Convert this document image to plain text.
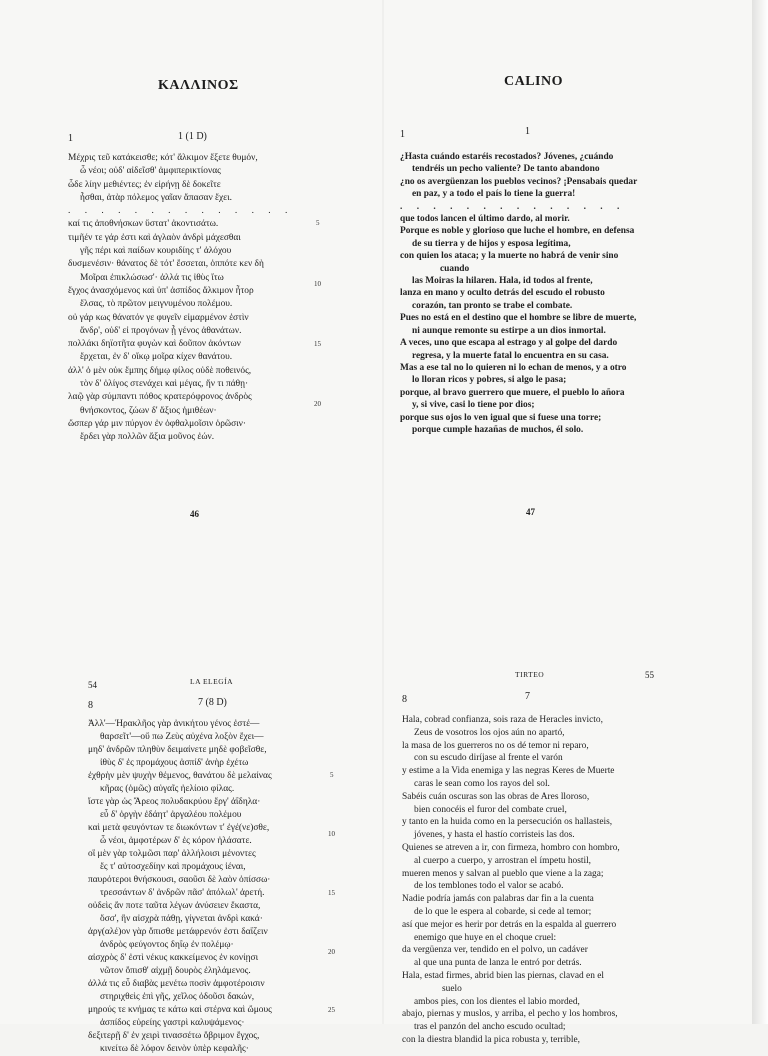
ΚΑΛΛΙΝΟΣ
1	1 (1 D)
Μέχρις τεῦ κατάκεισθε; κότ' ἄλκιμον ἕξετε θυμόν,
ὦ νέοι; οὐδ' αἰδεῖσθ' ἀμφιπερικτίονας
ὧδε λίην μεθιέντες; ἐν εἰρήνῃ δὲ δοκεῖτε
ἧσθαι, ἀτὰρ πόλεμος γαῖαν ἅπασαν ἔχει.
. . . . . . . . . . . . . .
καί τις ἀποθνήσκων ὕστατ' ἀκοντισάτω.
τιμῆέν τε γάρ ἐστι καὶ ἀγλαὸν ἀνδρὶ μάχεσθαι
γῆς πέρι καὶ παίδων κουριδίης τ' ἀλόχου
δυσμενέσιν· θάνατος δὲ τότ' ἔσσεται, ὁππότε κεν δὴ
Μοῖραι ἐπικλώσωσ'· ἀλλά τις ἰθὺς ἴτω
ἔγχος ἀνασχόμενος καὶ ὑπ' ἀσπίδος ἄλκιμον ἦτορ
ἔλσας, τὸ πρῶτον μειγνυμένου πολέμου.
οὐ γάρ κως θάνατόν γε φυγεῖν εἱμαρμένον ἐστὶν
ἄνδρ', οὐδ' εἰ προγόνων ᾖ γένος ἀθανάτων.
πολλάκι δηϊοτῆτα φυγὼν καὶ δοῦπον ἀκόντων
ἔρχεται, ἐν δ' οἴκῳ μοῖρα κίχεν θανάτου.
ἀλλ' ὁ μὲν οὐκ ἔμπης δήμῳ φίλος οὐδὲ ποθεινός,
τὸν δ' ὀλίγος στενάχει καὶ μέγας, ἤν τι πάθῃ·
λαῷ γὰρ σύμπαντι πόθος κρατερόφρονος ἀνδρὸς
θνήσκοντος, ζώων δ' ἄξιος ἡμιθέων·
ὥσπερ γάρ μιν πύργον ἐν ὀφθαλμοῖσιν ὁρῶσιν·
ἔρδει γὰρ πολλῶν ἄξια μοῦνος ἐών.
5
10
15
20
46
CALINO
1	1
¿Hasta cuándo estaréis recostados? Jóvenes, ¿cuándo
tendréis un pecho valiente? De tanto abandono
¿no os avergüenzan los pueblos vecinos? ¡Pensabais quedar
en paz, y a todo el país lo tiene la guerra!
. . . . . . . . . . . . . .
que todos lancen el último dardo, al morir.
Porque es noble y glorioso que luche el hombre, en defensa
de su tierra y de hijos y esposa legítima,
con quien los ataca; y la muerte no habrá de venir sino
cuando
las Moiras la hilaren. Hala, id todos al frente,
lanza en mano y oculto detrás del escudo el robusto
corazón, tan pronto se trabe el combate.
Pues no está en el destino que el hombre se libre de muerte,
ni aunque remonte su estirpe a un dios inmortal.
A veces, uno que escapa al estrago y al golpe del dardo
regresa, y la muerte fatal lo encuentra en su casa.
Mas a ese tal no lo quieren ni lo echan de menos, y a otro
lo lloran ricos y pobres, si algo le pasa;
porque, al bravo guerrero que muere, el pueblo lo añora
y, si vive, casi lo tiene por dios;
porque sus ojos lo ven igual que si fuese una torre;
porque cumple hazañas de muchos, él solo.
47
54	LA ELEGÍA
8	7 (8 D)
Ἀλλ'—Ἡρακλῆος γὰρ ἀνικήτου γένος ἐστέ—
θαρσεῖτ'—οὔ πω Ζεὺς αὐχένα λοξὸν ἔχει—
μηδ' ἀνδρῶν πληθὺν δειμαίνετε μηδὲ φοβεῖσθε,
ἰθὺς δ' ἐς προμάχους ἀσπίδ' ἀνὴρ ἐχέτω
ἐχθρὴν μὲν ψυχὴν θέμενος, θανάτου δὲ μελαίνας
κῆρας (ὁμῶς) αὐγαῖς ἠελίοιο φίλας.
ἴστε γὰρ ὡς Ἄρεος πολυδακρύου ἔργ' ἀΐδηλα·
εὖ δ' ὀργὴν ἐδάητ' ἀργαλέου πολέμου
καὶ μετὰ φευγόντων τε διωκόντων τ' ἐγέ(νε)σθε,
ὦ νέοι, ἀμφοτέρων δ' ἐς κόρον ἠλάσατε.
οἳ μὲν γὰρ τολμῶσι παρ' ἀλλήλοισι μένοντες
ἔς τ' αὐτοσχεδίην καὶ προμάχους ἰέναι,
παυρότεροι θνήσκουσι, σαοῦσι δὲ λαὸν ὀπίσσω·
τρεσσάντων δ' ἀνδρῶν πᾶσ' ἀπόλωλ' ἀρετή.
οὐδεὶς ἄν ποτε ταῦτα λέγων ἀνύσειεν ἕκαστα,
ὅσσ', ἢν αἰσχρὰ πάθῃ, γίγνεται ἀνδρὶ κακά·
ἀργ(αλέ)ον γὰρ ὄπισθε μετάφρενόν ἐστι δαΐζειν
ἀνδρὸς φεύγοντος δηΐῳ ἐν πολέμῳ·
αἰσχρὸς δ' ἐστὶ νέκυς κακκείμενος ἐν κονίῃσι
νῶτον ὄπισθ' αἰχμῇ δουρὸς ἐληλάμενος.
ἀλλά τις εὖ διαβὰς μενέτω ποσὶν ἀμφοτέροισιν
στηριχθεὶς ἐπὶ γῆς, χεῖλος ὀδοῦσι δακών,
μηρούς τε κνήμας τε κάτω καὶ στέρνα καὶ ὤμους
ἀσπίδος εὐρείης γαστρὶ καλυψάμενος·
δεξιτερῇ δ' ἐν χειρὶ τινασσέτω ὄβριμον ἔγχος,
κινείτω δὲ λόφον δεινὸν ὑπὲρ κεφαλῆς·
5
10
15
20
25
TIRTEO	55
8	7
Hala, cobrad confianza, sois raza de Heracles invicto,
Zeus de vosotros los ojos aún no apartó,
la masa de los guerreros no os dé temor ni reparo,
con su escudo diríjase al frente el varón
y estime a la Vida enemiga y las negras Keres de Muerte
caras le sean como los rayos del sol.
Sabéis cuán oscuras son las obras de Ares lloroso,
bien conocéis el furor del combate cruel,
y tanto en la huida como en la persecución os hallasteis,
jóvenes, y hasta el hastío corristeis las dos.
Quienes se atreven a ir, con firmeza, hombro con hombro,
al cuerpo a cuerpo, y arrostran el ímpetu hostil,
mueren menos y salvan al pueblo que viene a la zaga;
de los temblones todo el valor se acabó.
Nadie podría jamás con palabras dar fin a la cuenta
de lo que le espera al cobarde, si cede al temor;
así que mejor es herir por detrás en la espalda al guerrero
enemigo que huye en el choque cruel:
da vergüenza ver, tendido en el polvo, un cadáver
al que una punta de lanza le entró por detrás.
Hala, estad firmes, abrid bien las piernas, clavad en el
suelo
ambos pies, con los dientes el labio morded,
abajo, piernas y muslos, y arriba, el pecho y los hombros,
tras el panzón del ancho escudo ocultad;
con la diestra blandid la pica robusta y, terrible,
